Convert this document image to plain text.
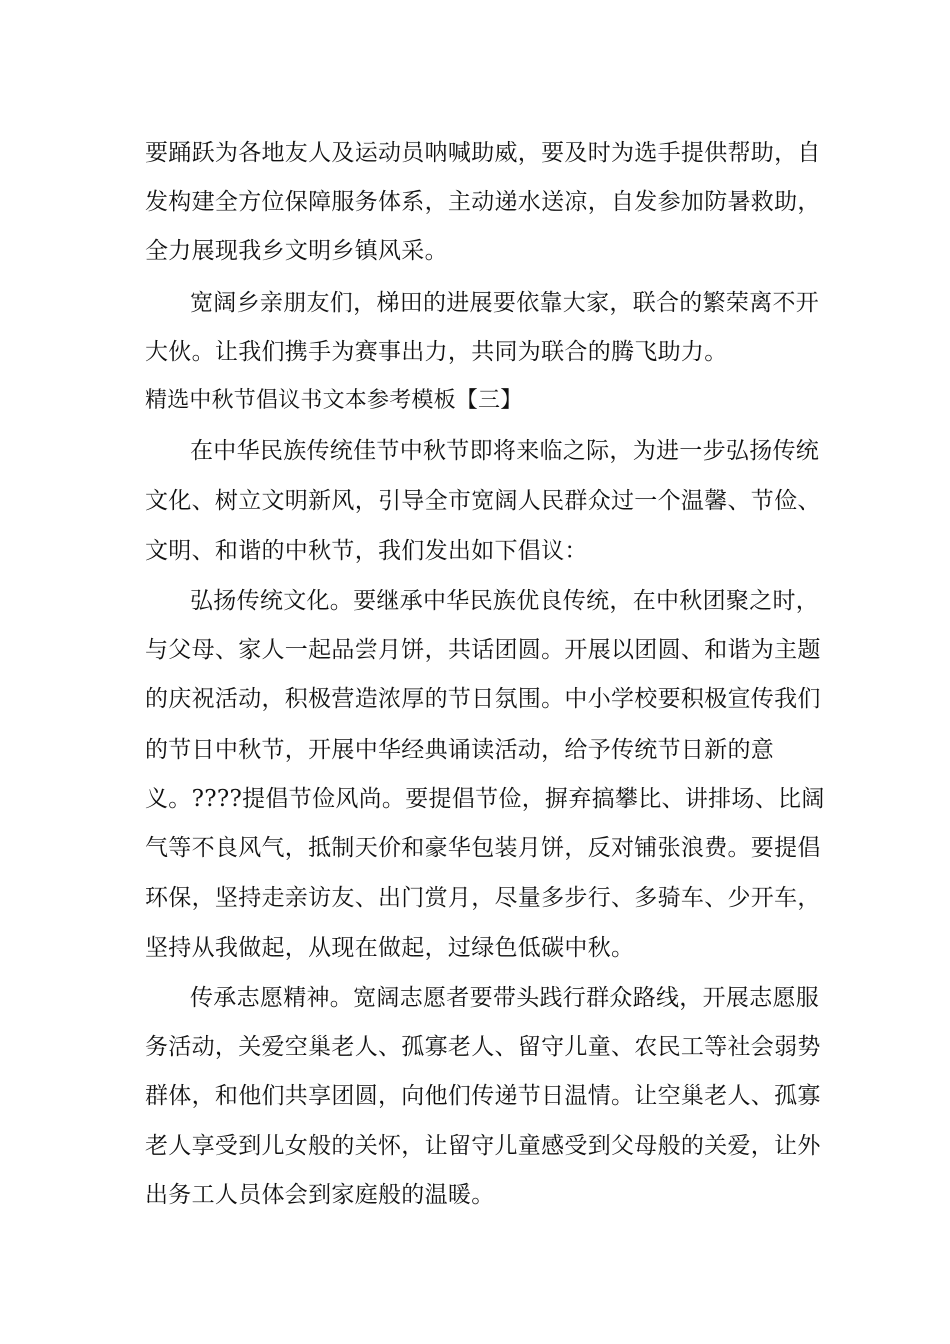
要踊跃为各地友人及运动员呐喊助威，要及时为选手提供帮助，自
发构建全方位保障服务体系，主动递水送凉，自发参加防暑救助，
全力展现我乡文明乡镇风采。
宽阔乡亲朋友们，梯田的进展要依靠大家，联合的繁荣离不开
大伙。让我们携手为赛事出力，共同为联合的腾飞助力。
精选中秋节倡议书文本参考模板【三】
在中华民族传统佳节中秋节即将来临之际，为进一步弘扬传统
文化、树立文明新风，引导全市宽阔人民群众过一个温馨、节俭、
文明、和谐的中秋节，我们发出如下倡议：
弘扬传统文化。要继承中华民族优良传统，在中秋团聚之时，
与父母、家人一起品尝月饼，共话团圆。开展以团圆、和谐为主题
的庆祝活动，积极营造浓厚的节日氛围。中小学校要积极宣传我们
的节日中秋节，开展中华经典诵读活动，给予传统节日新的意
义。????提倡节俭风尚。要提倡节俭，摒弃搞攀比、讲排场、比阔
气等不良风气，抵制天价和豪华包装月饼，反对铺张浪费。要提倡
环保，坚持走亲访友、出门赏月，尽量多步行、多骑车、少开车，
坚持从我做起，从现在做起，过绿色低碳中秋。
传承志愿精神。宽阔志愿者要带头践行群众路线，开展志愿服
务活动，关爱空巢老人、孤寡老人、留守儿童、农民工等社会弱势
群体，和他们共享团圆，向他们传递节日温情。让空巢老人、孤寡
老人享受到儿女般的关怀，让留守儿童感受到父母般的关爱，让外
出务工人员体会到家庭般的温暖。
